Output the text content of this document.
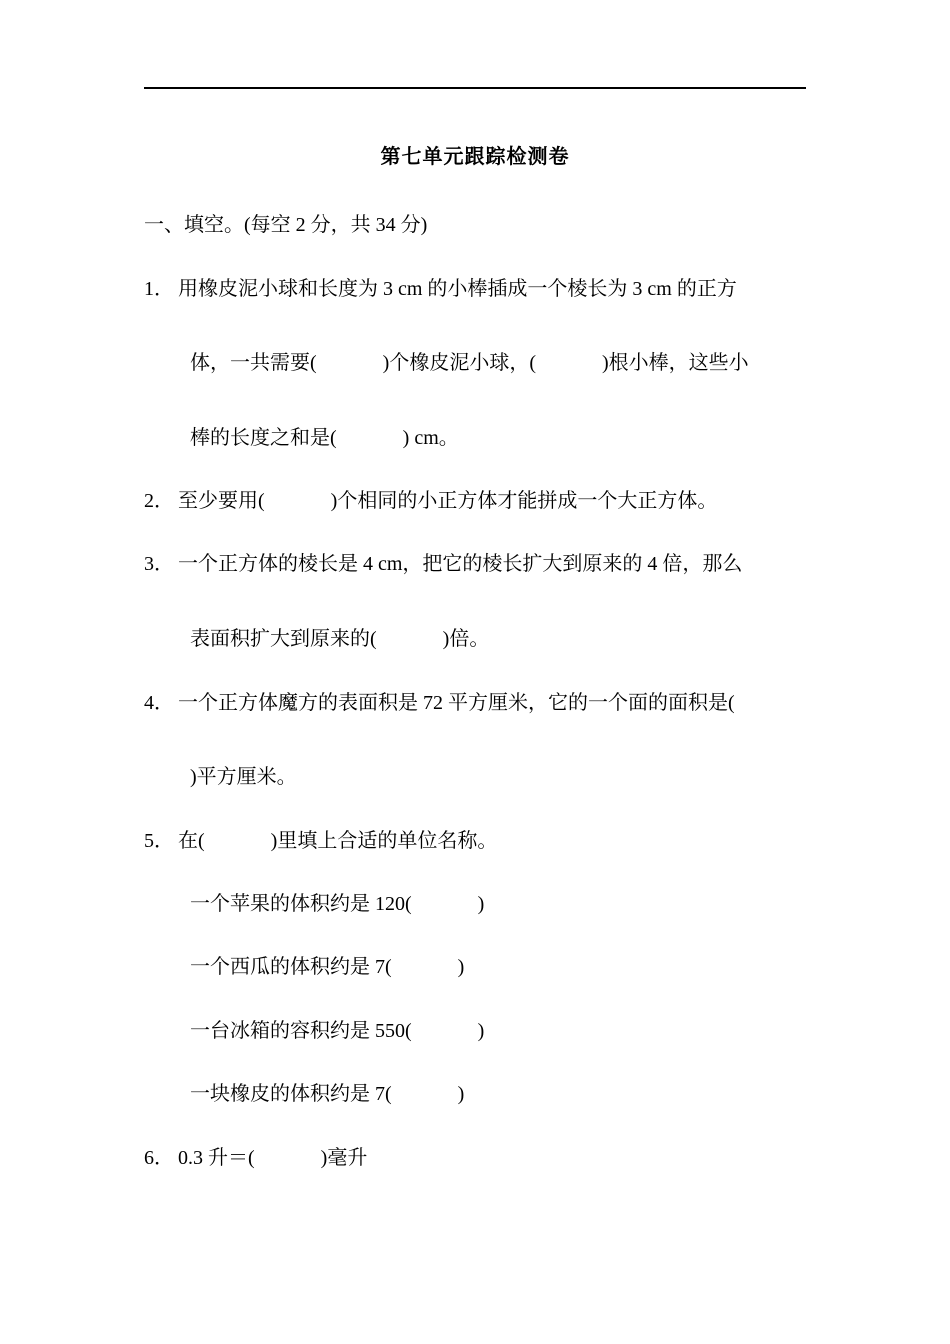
第七单元跟踪检测卷
一、填空。(每空 2 分，共 34 分)
1． 用橡皮泥小球和长度为 3 cm 的小棒插成一个棱长为 3 cm 的正方
体，一共需要(	)个橡皮泥小球，(	)根小棒，这些小
棒的长度之和是(	) cm。
2． 至少要用(	)个相同的小正方体才能拼成一个大正方体。
3． 一个正方体的棱长是 4 cm，把它的棱长扩大到原来的 4 倍，那么
表面积扩大到原来的(	)倍。
4． 一个正方体魔方的表面积是 72 平方厘米，它的一个面的面积是(
)平方厘米。
5． 在(	)里填上合适的单位名称。
一个苹果的体积约是 120(	)
一个西瓜的体积约是 7(	)
一台冰箱的容积约是 550(	)
一块橡皮的体积约是 7(	)
6． 0.3 升＝(	)毫升
